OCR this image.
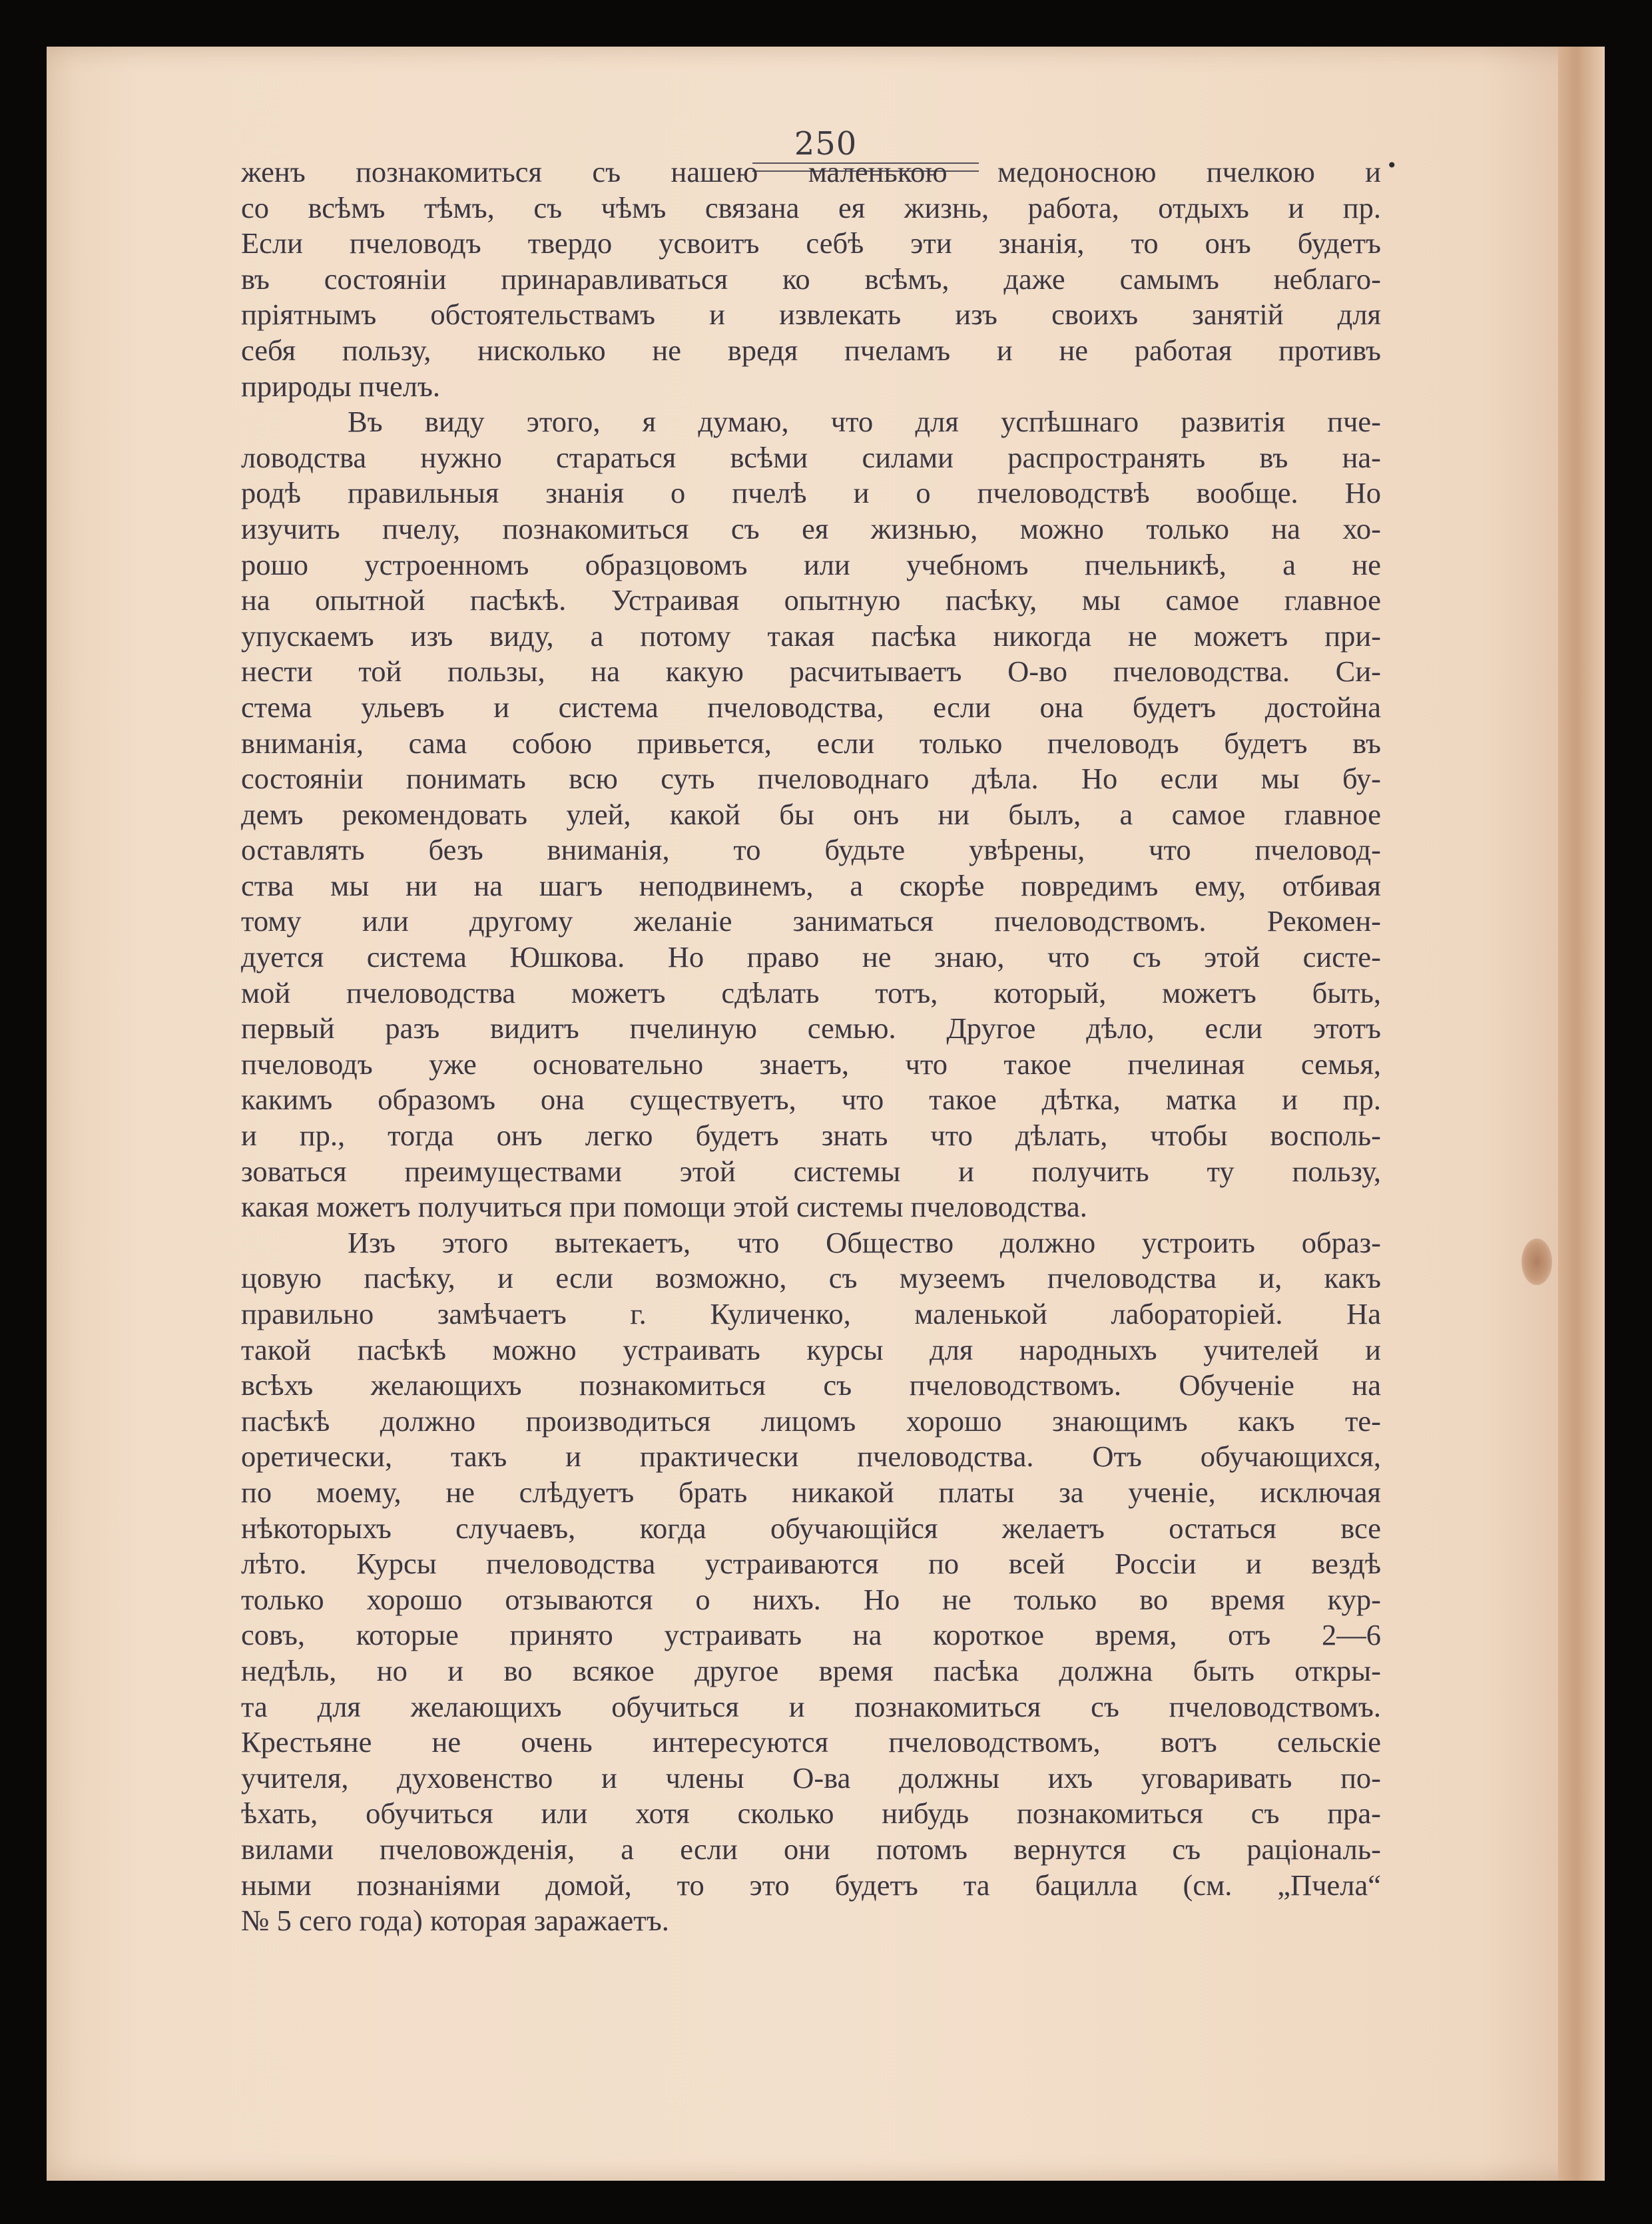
250
•
женъ познакомиться съ нашею маленькою медоносною пчелкою и
со всѣмъ тѣмъ, съ чѣмъ связана ея жизнь, работа, отдыхъ и пр.
Если пчеловодъ твердо усвоитъ себѣ эти знанія, то онъ будетъ
въ состояніи принаравливаться ко всѣмъ, даже самымъ неблаго-
пріятнымъ обстоятельствамъ и извлекать изъ своихъ занятій для
себя пользу, нисколько не вредя пчеламъ и не работая противъ
природы пчелъ.
Въ виду этого, я думаю, что для успѣшнаго развитія пче-
ловодства нужно стараться всѣми силами распространять въ на-
родѣ правильныя знанія о пчелѣ и о пчеловодствѣ вообще. Но
изучить пчелу, познакомиться съ ея жизнью, можно только на хо-
рошо устроенномъ образцовомъ или учебномъ пчельникѣ, а не
на опытной пасѣкѣ. Устраивая опытную пасѣку, мы самое главное
упускаемъ изъ виду, а потому такая пасѣка никогда не можетъ при-
нести той пользы, на какую расчитываетъ О-во пчеловодства. Си-
стема ульевъ и система пчеловодства, если она будетъ достойна
вниманія, сама собою привьется, если только пчеловодъ будетъ въ
состояніи понимать всю суть пчеловоднаго дѣла. Но если мы бу-
демъ рекомендовать улей, какой бы онъ ни былъ, а самое главное
оставлять безъ вниманія, то будьте увѣрены, что пчеловод-
ства мы ни на шагъ неподвинемъ, а скорѣе повредимъ ему, отбивая
тому или другому желаніе заниматься пчеловодствомъ. Рекомен-
дуется система Юшкова. Но право не знаю, что съ этой систе-
мой пчеловодства можетъ сдѣлать тотъ, который, можетъ быть,
первый разъ видитъ пчелиную семью. Другое дѣло, если этотъ
пчеловодъ уже основательно знаетъ, что такое пчелиная семья,
какимъ образомъ она существуетъ, что такое дѣтка, матка и пр.
и пр., тогда онъ легко будетъ знать что дѣлать, чтобы восполь-
зоваться преимуществами этой системы и получить ту пользу,
какая можетъ получиться при помощи этой системы пчеловодства.
Изъ этого вытекаетъ, что Общество должно устроить образ-
цовую пасѣку, и если возможно, съ музеемъ пчеловодства и, какъ
правильно замѣчаетъ г. Куличенко, маленькой лабораторіей. На
такой пасѣкѣ можно устраивать курсы для народныхъ учителей и
всѣхъ желающихъ познакомиться съ пчеловодствомъ. Обученіе на
пасѣкѣ должно производиться лицомъ хорошо знающимъ какъ те-
оретически, такъ и практически пчеловодства. Отъ обучающихся,
по моему, не слѣдуетъ брать никакой платы за ученіе, исключая
нѣкоторыхъ случаевъ, когда обучающійся желаетъ остаться все
лѣто. Курсы пчеловодства устраиваются по всей Россіи и вездѣ
только хорошо отзываются о нихъ. Но не только во время кур-
совъ, которые принято устраивать на короткое время, отъ 2—6
недѣль, но и во всякое другое время пасѣка должна быть откры-
та для желающихъ обучиться и познакомиться съ пчеловодствомъ.
Крестьяне не очень интересуются пчеловодствомъ, вотъ сельскіе
учителя, духовенство и члены О-ва должны ихъ уговаривать по-
ѣхать, обучиться или хотя сколько нибудь познакомиться съ пра-
вилами пчеловожденія, а если они потомъ вернутся съ раціональ-
ными познаніями домой, то это будетъ та бацилла (см. „Пчела“
№ 5 сего года) которая заражаетъ.
